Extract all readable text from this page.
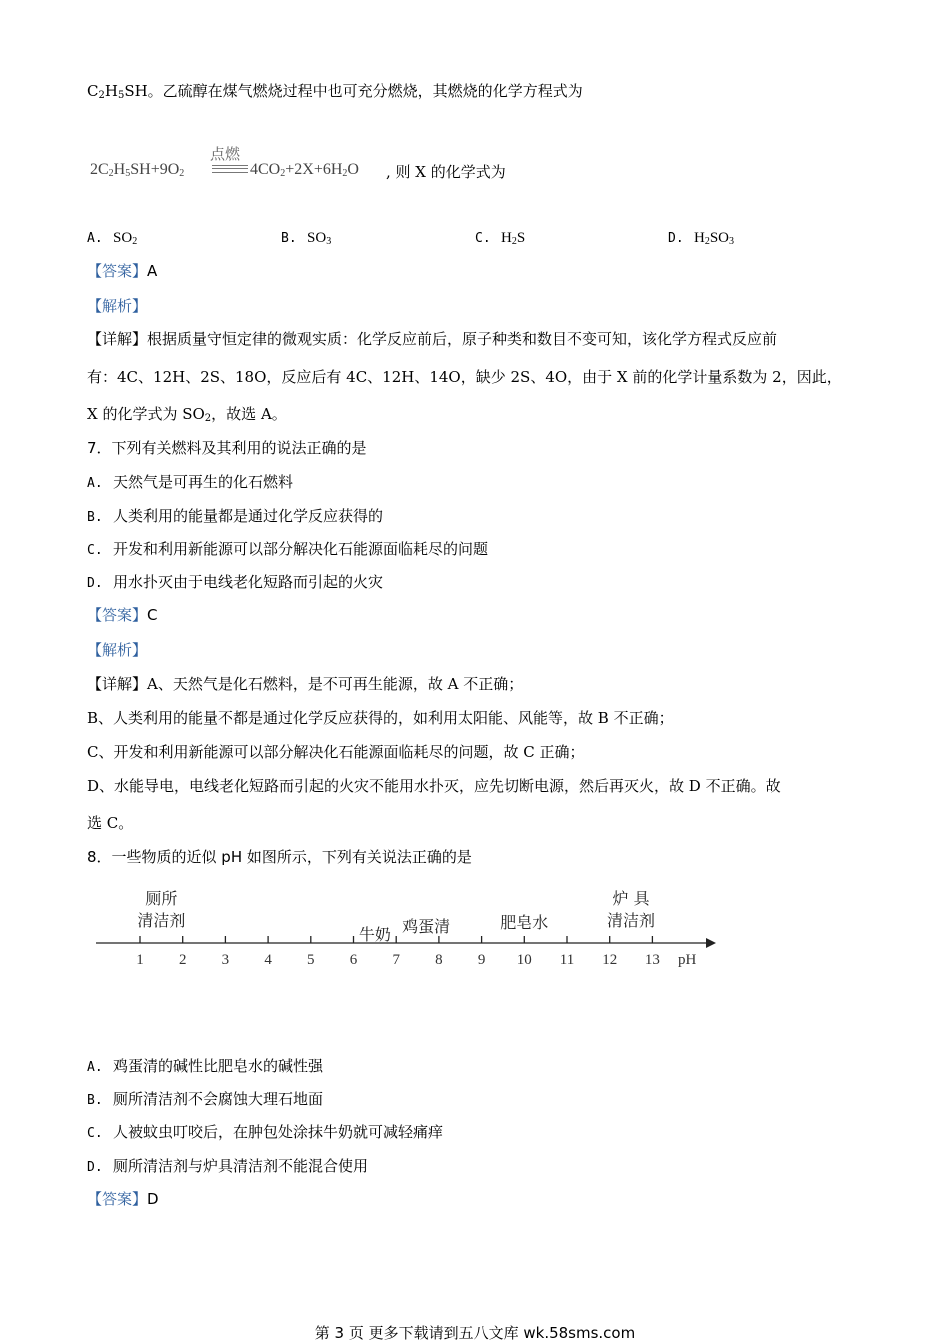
$C_2H_5SH$。乙硫醇在煤气燃烧过程中也可充分燃烧，其燃烧的化学方程式为
$2C_2H_5SH+9O_2$
点燃
$4CO_2+2X+6H_2O$ , 则 X 的化学式为
A. $SO_2$	B. $SO_3$	C. $H_2S$	D. $H_2SO_3$
【答案】A
【解析】
【详解】根据质量守恒定律的微观实质：化学反应前后，原子种类和数目不变可知，该化学方程式反应前
有：4C、12H、2S、18O，反应后有 4C、12H、14O，缺少 2S、4O，由于 X 前的化学计量系数为 2，因此，
X 的化学式为 $SO_2$，故选 A。
7．下列有关燃料及其利用的说法正确的是
A. 天然气是可再生的化石燃料
B. 人类利用的能量都是通过化学反应获得的
C. 开发和利用新能源可以部分解决化石能源面临耗尽的问题
D. 用水扑灭由于电线老化短路而引起的火灾
【答案】C
【解析】
【详解】A、天然气是化石燃料，是不可再生能源，故 A 不正确；
B、人类利用的能量不都是通过化学反应获得的，如利用太阳能、风能等，故 B 不正确；
C、开发和利用新能源可以部分解决化石能源面临耗尽的问题，故 C 正确；
D、水能导电，电线老化短路而引起的火灾不能用水扑灭，应先切断电源，然后再灭火，故 D 不正确。故
选 C。
8．一些物质的近似 pH 如图所示，下列有关说法正确的是
1 2 3 4 5 6 7 8 9 10 11 12 13
厕所
清洁剂
牛奶 鸡蛋清	肥皂水
炉 具
清洁剂
pH
A. 鸡蛋清的碱性比肥皂水的碱性强
B. 厕所清洁剂不会腐蚀大理石地面
C. 人被蚊虫叮咬后，在肿包处涂抹牛奶就可减轻痛痒
D. 厕所清洁剂与炉具清洁剂不能混合使用
【答案】D
第 3 页 更多下载请到五八文库 wk.58sms.com
